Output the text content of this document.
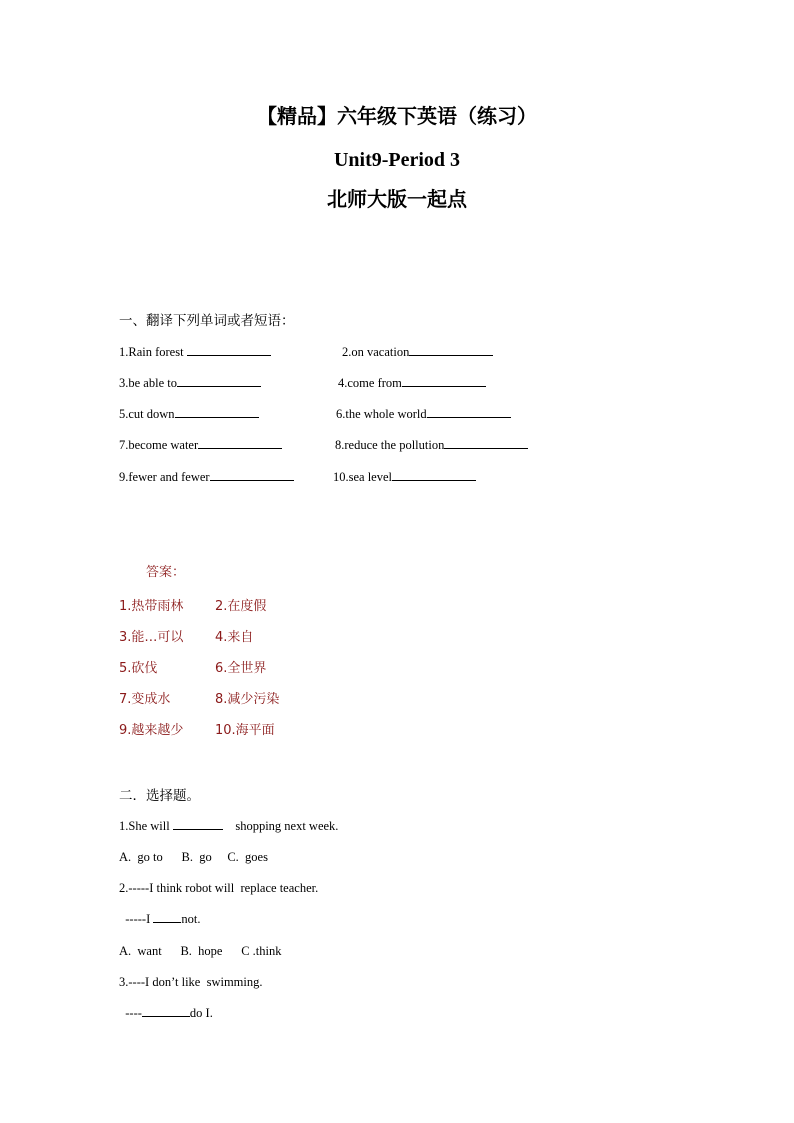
【精品】六年级下英语（练习）
Unit9-Period 3
北师大版一起点
一、翻译下列单词或者短语：
1.Rain forest	2.on vacation
3.be able to	4.come from
5.cut down	6.the whole world
7.become water	8.reduce the pollution
9.fewer and fewer	10.sea level
答案：
1.热带雨林 2.在度假
3.能…可以 4.来自
5.砍伐	6.全世界
7.变成水	8.减少污染
9.越来越少 10.海平面
二．选择题。
1.She will	shopping next week.
A.  go to      B.  go     C.  goes
2.-----I think robot will  replace teacher.
-----I not.
A.  want      B.  hope      C .think
3.----I don’t like  swimming.
----	do I.
